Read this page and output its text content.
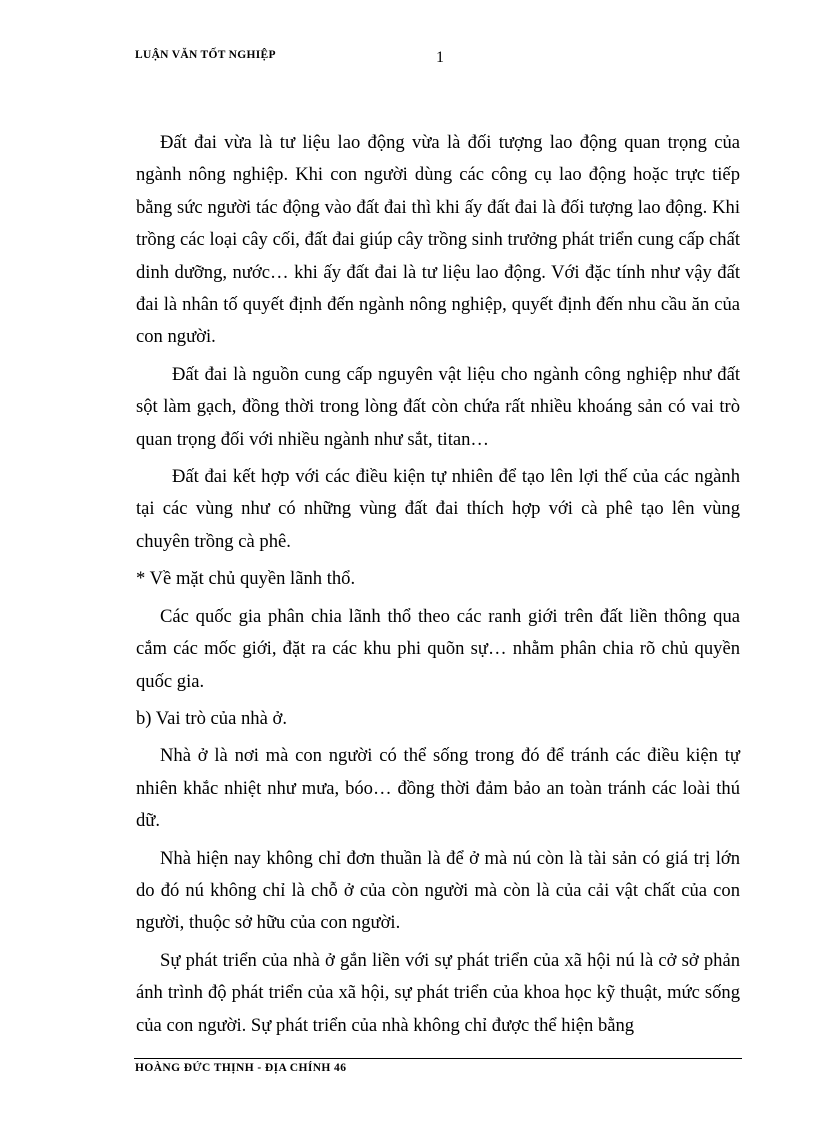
LUẬN VĂN TỐT NGHIỆP	1

Đất đai vừa là tư liệu lao động vừa là đối tượng lao động quan trọng của ngành nông nghiệp. Khi con người dùng các công cụ lao động hoặc trực tiếp bằng sức người tác động vào đất đai thì khi ấy đất đai là đối tượng lao động. Khi trồng các loại cây cối, đất đai giúp cây trồng sinh trưởng phát triển cung cấp chất dinh dưỡng, nước… khi ấy đất đai là tư liệu lao động. Với đặc tính như vậy đất đai là nhân tố quyết định đến ngành nông nghiệp, quyết định đến nhu cầu ăn của con người.

Đất đai là nguồn cung cấp nguyên vật liệu cho ngành công nghiệp như đất sột làm gạch, đồng thời trong lòng đất còn chứa rất nhiều khoáng sản có vai trò quan trọng đối với nhiều ngành như sắt, titan…

Đất đai kết hợp với các điều kiện tự nhiên để tạo lên lợi thế của các ngành tại các vùng như có những vùng đất đai thích hợp với cà phê tạo lên vùng chuyên trồng cà phê.

* Về mặt chủ quyền lãnh thổ.

Các quốc gia phân chia lãnh thổ theo các ranh giới trên đất liền thông qua cắm các mốc giới, đặt ra các khu phi quõn sự… nhằm phân chia rõ chủ quyền quốc gia.

b) Vai trò của nhà ở.

Nhà ở là nơi mà con người có thể sống trong đó để tránh các điều kiện tự nhiên khắc nhiệt như mưa, bóo… đồng thời đảm bảo an toàn tránh các loài thú dữ.

Nhà hiện nay không chỉ đơn thuần là để ở mà nú còn là tài sản có giá trị lớn do đó nú không chỉ là chỗ ở của còn người mà còn là của cải vật chất của con người, thuộc sở hữu của con người.

Sự phát triển của nhà ở gắn liền với sự phát triển của xã hội nú là cở sở phản ánh trình độ phát triển của xã hội, sự phát triển của khoa học kỹ thuật, mức sống của con người. Sự phát triển của nhà không chỉ được thể hiện bằng

HOÀNG ĐỨC THỊNH - ĐỊA CHÍNH 46
